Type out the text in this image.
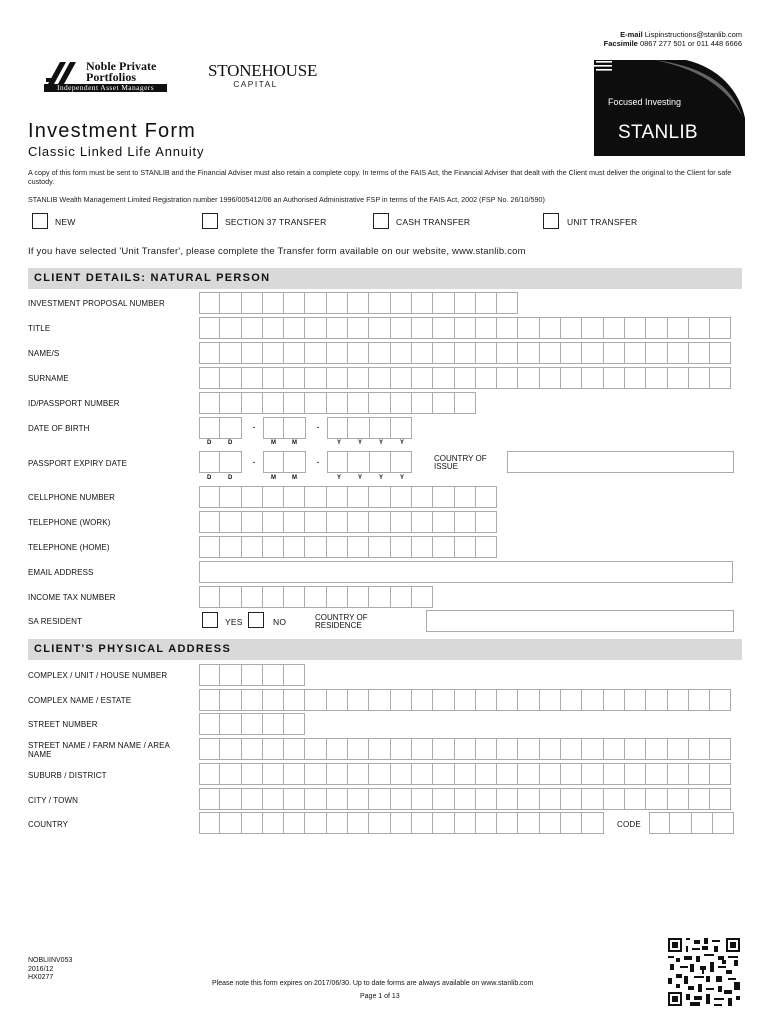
E-mail Lispinstructions@stanlib.com
Facsimile 0867 277 501 or 011 448 6666
Noble Private
Portfolios
Independent Asset Managers
STONEHOUSE
CAPITAL
Focused Investing
STANLIB
Investment Form
Classic Linked Life Annuity
A copy of this form must be sent to STANLIB and the Financial Adviser must also retain a complete copy. In terms of the FAIS Act, the Financial Adviser that dealt with the Client must deliver the original to the Client for safe custody.
STANLIB Wealth Management Limited Registration number 1996/005412/06 an Authorised Administrative FSP in terms of the FAIS Act, 2002 (FSP No. 26/10/590)
NEW	SECTION 37 TRANSFER	CASH TRANSFER	UNIT TRANSFER
If you have selected 'Unit Transfer', please complete the Transfer form available on our website, www.stanlib.com
CLIENT DETAILS: NATURAL PERSON
INVESTMENT PROPOSAL NUMBER
TITLE
NAME/S
SURNAME
ID/PASSPORT NUMBER
DATE OF BIRTH	-	-
D	D	M	M	Y	Y	Y	Y
PASSPORT EXPIRY DATE	-	-
D	D	M	M	Y	Y	Y	Y
COUNTRY OF ISSUE
CELLPHONE NUMBER
TELEPHONE (WORK)
TELEPHONE (HOME)
EMAIL ADDRESS
INCOME TAX NUMBER
SA RESIDENT	YES	NO	COUNTRY OF RESIDENCE
CLIENT'S PHYSICAL ADDRESS
COMPLEX / UNIT / HOUSE NUMBER
COMPLEX NAME / ESTATE
STREET NUMBER
STREET NAME / FARM NAME / AREA NAME
SUBURB / DISTRICT
CITY / TOWN
COUNTRY	CODE
NOBLIINV053
2016/12
HX0277
Please note this form expires on 2017/06/30. Up to date forms are always available on www.stanlib.com
Page 1 of 13
